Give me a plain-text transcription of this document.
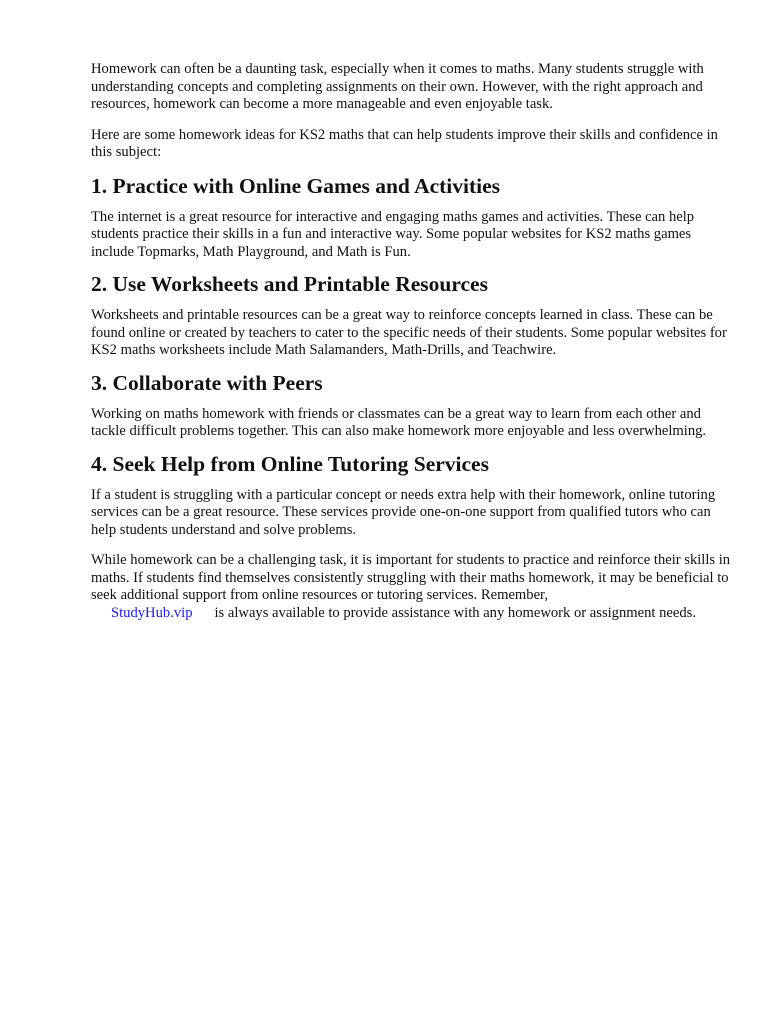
Homework can often be a daunting task, especially when it comes to maths. Many students struggle with understanding concepts and completing assignments on their own. However, with the right approach and resources, homework can become a more manageable and even enjoyable task.

Here are some homework ideas for KS2 maths that can help students improve their skills and confidence in this subject:

1. Practice with Online Games and Activities

The internet is a great resource for interactive and engaging maths games and activities. These can help students practice their skills in a fun and interactive way. Some popular websites for KS2 maths games include Topmarks, Math Playground, and Math is Fun.

2. Use Worksheets and Printable Resources

Worksheets and printable resources can be a great way to reinforce concepts learned in class. These can be found online or created by teachers to cater to the specific needs of their students. Some popular websites for KS2 maths worksheets include Math Salamanders, Math-Drills, and Teachwire.

3. Collaborate with Peers

Working on maths homework with friends or classmates can be a great way to learn from each other and tackle difficult problems together. This can also make homework more enjoyable and less overwhelming.

4. Seek Help from Online Tutoring Services

If a student is struggling with a particular concept or needs extra help with their homework, online tutoring services can be a great resource. These services provide one-on-one support from qualified tutors who can help students understand and solve problems.

While homework can be a challenging task, it is important for students to practice and reinforce their skills in maths. If students find themselves consistently struggling with their maths homework, it may be beneficial to seek additional support from online resources or tutoring services. Remember,
StudyHub.vip is always available to provide assistance with any homework or assignment needs.
